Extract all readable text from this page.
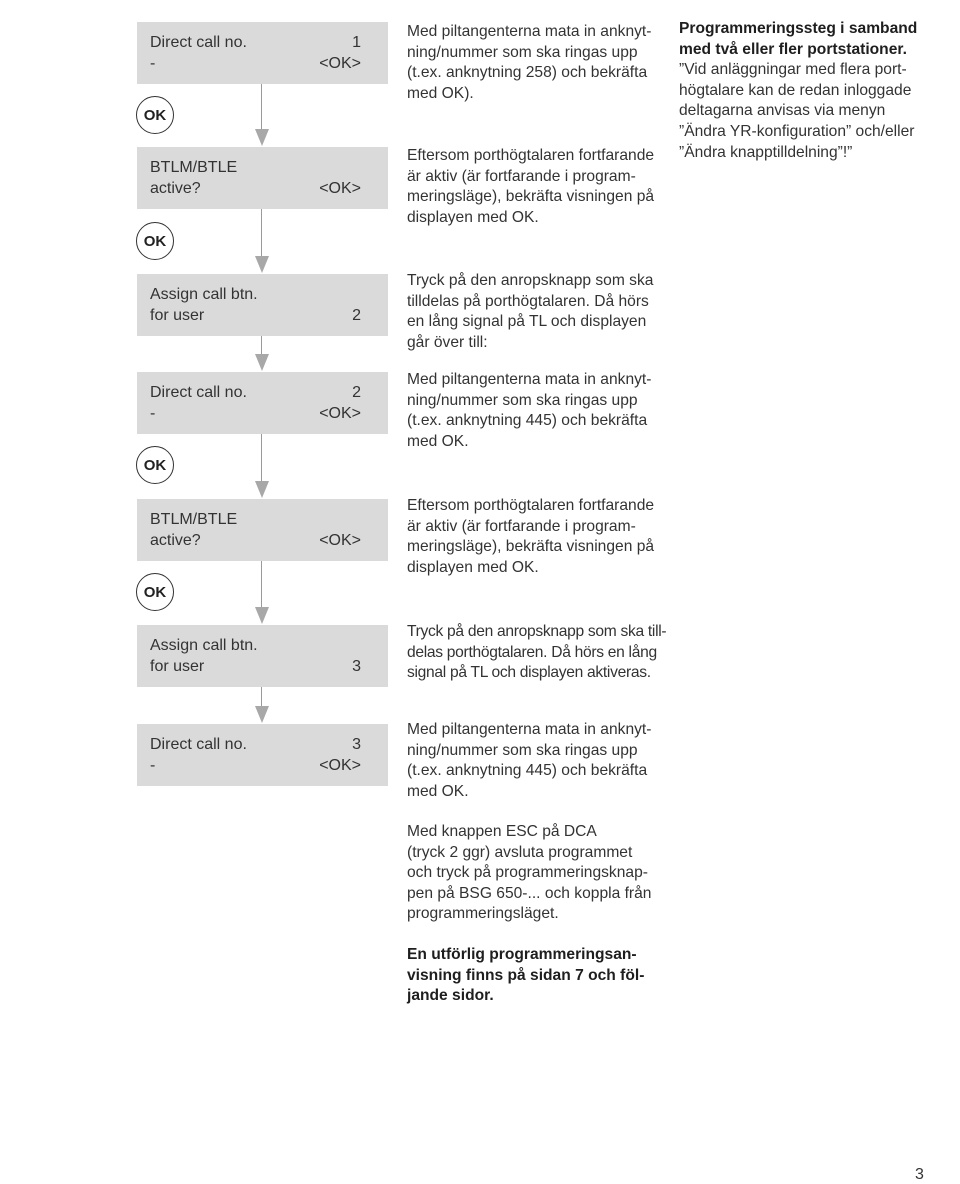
Direct call no.	1
-	<OK>
BTLM/BTLE
active?	<OK>
Assign call btn.
for user	2
Direct call no.	2
-	<OK>
BTLM/BTLE
active?	<OK>
Assign call btn.
for user	3
Direct call no.	3
-	<OK>
OK
OK
OK
OK
Med piltangenterna mata in anknyt-
ning/nummer som ska ringas upp
(t.ex. anknytning 258) och bekräfta
med OK).
Eftersom porthögtalaren fortfarande
är aktiv (är fortfarande i program-
meringsläge), bekräfta visningen på
displayen med OK.
Tryck på den anropsknapp som ska
tilldelas på porthögtalaren. Då hörs
en lång signal på TL och displayen
går över till:
Med piltangenterna mata in anknyt-
ning/nummer som ska ringas upp
(t.ex. anknytning 445) och bekräfta
med OK.
Eftersom porthögtalaren fortfarande
är aktiv (är fortfarande i program-
meringsläge), bekräfta visningen på
displayen med OK.
Tryck på den anropsknapp som ska till-
delas porthögtalaren. Då hörs en lång
signal på TL och displayen aktiveras.
Med piltangenterna mata in anknyt-
ning/nummer som ska ringas upp
(t.ex. anknytning 445) och bekräfta
med OK.
Med knappen ESC på DCA
(tryck 2 ggr) avsluta programmet
och tryck på programmeringsknap-
pen på BSG 650-... och koppla från
programmeringsläget.
En utförlig programmeringsan-
visning finns på sidan 7 och föl-
jande sidor.
Programmeringssteg i samband
med två eller fler portstationer.
”Vid anläggningar med flera port-
högtalare kan de redan inloggade
deltagarna anvisas via menyn
”Ändra YR-konfiguration” och/eller
”Ändra knapptilldelning”!”
3
